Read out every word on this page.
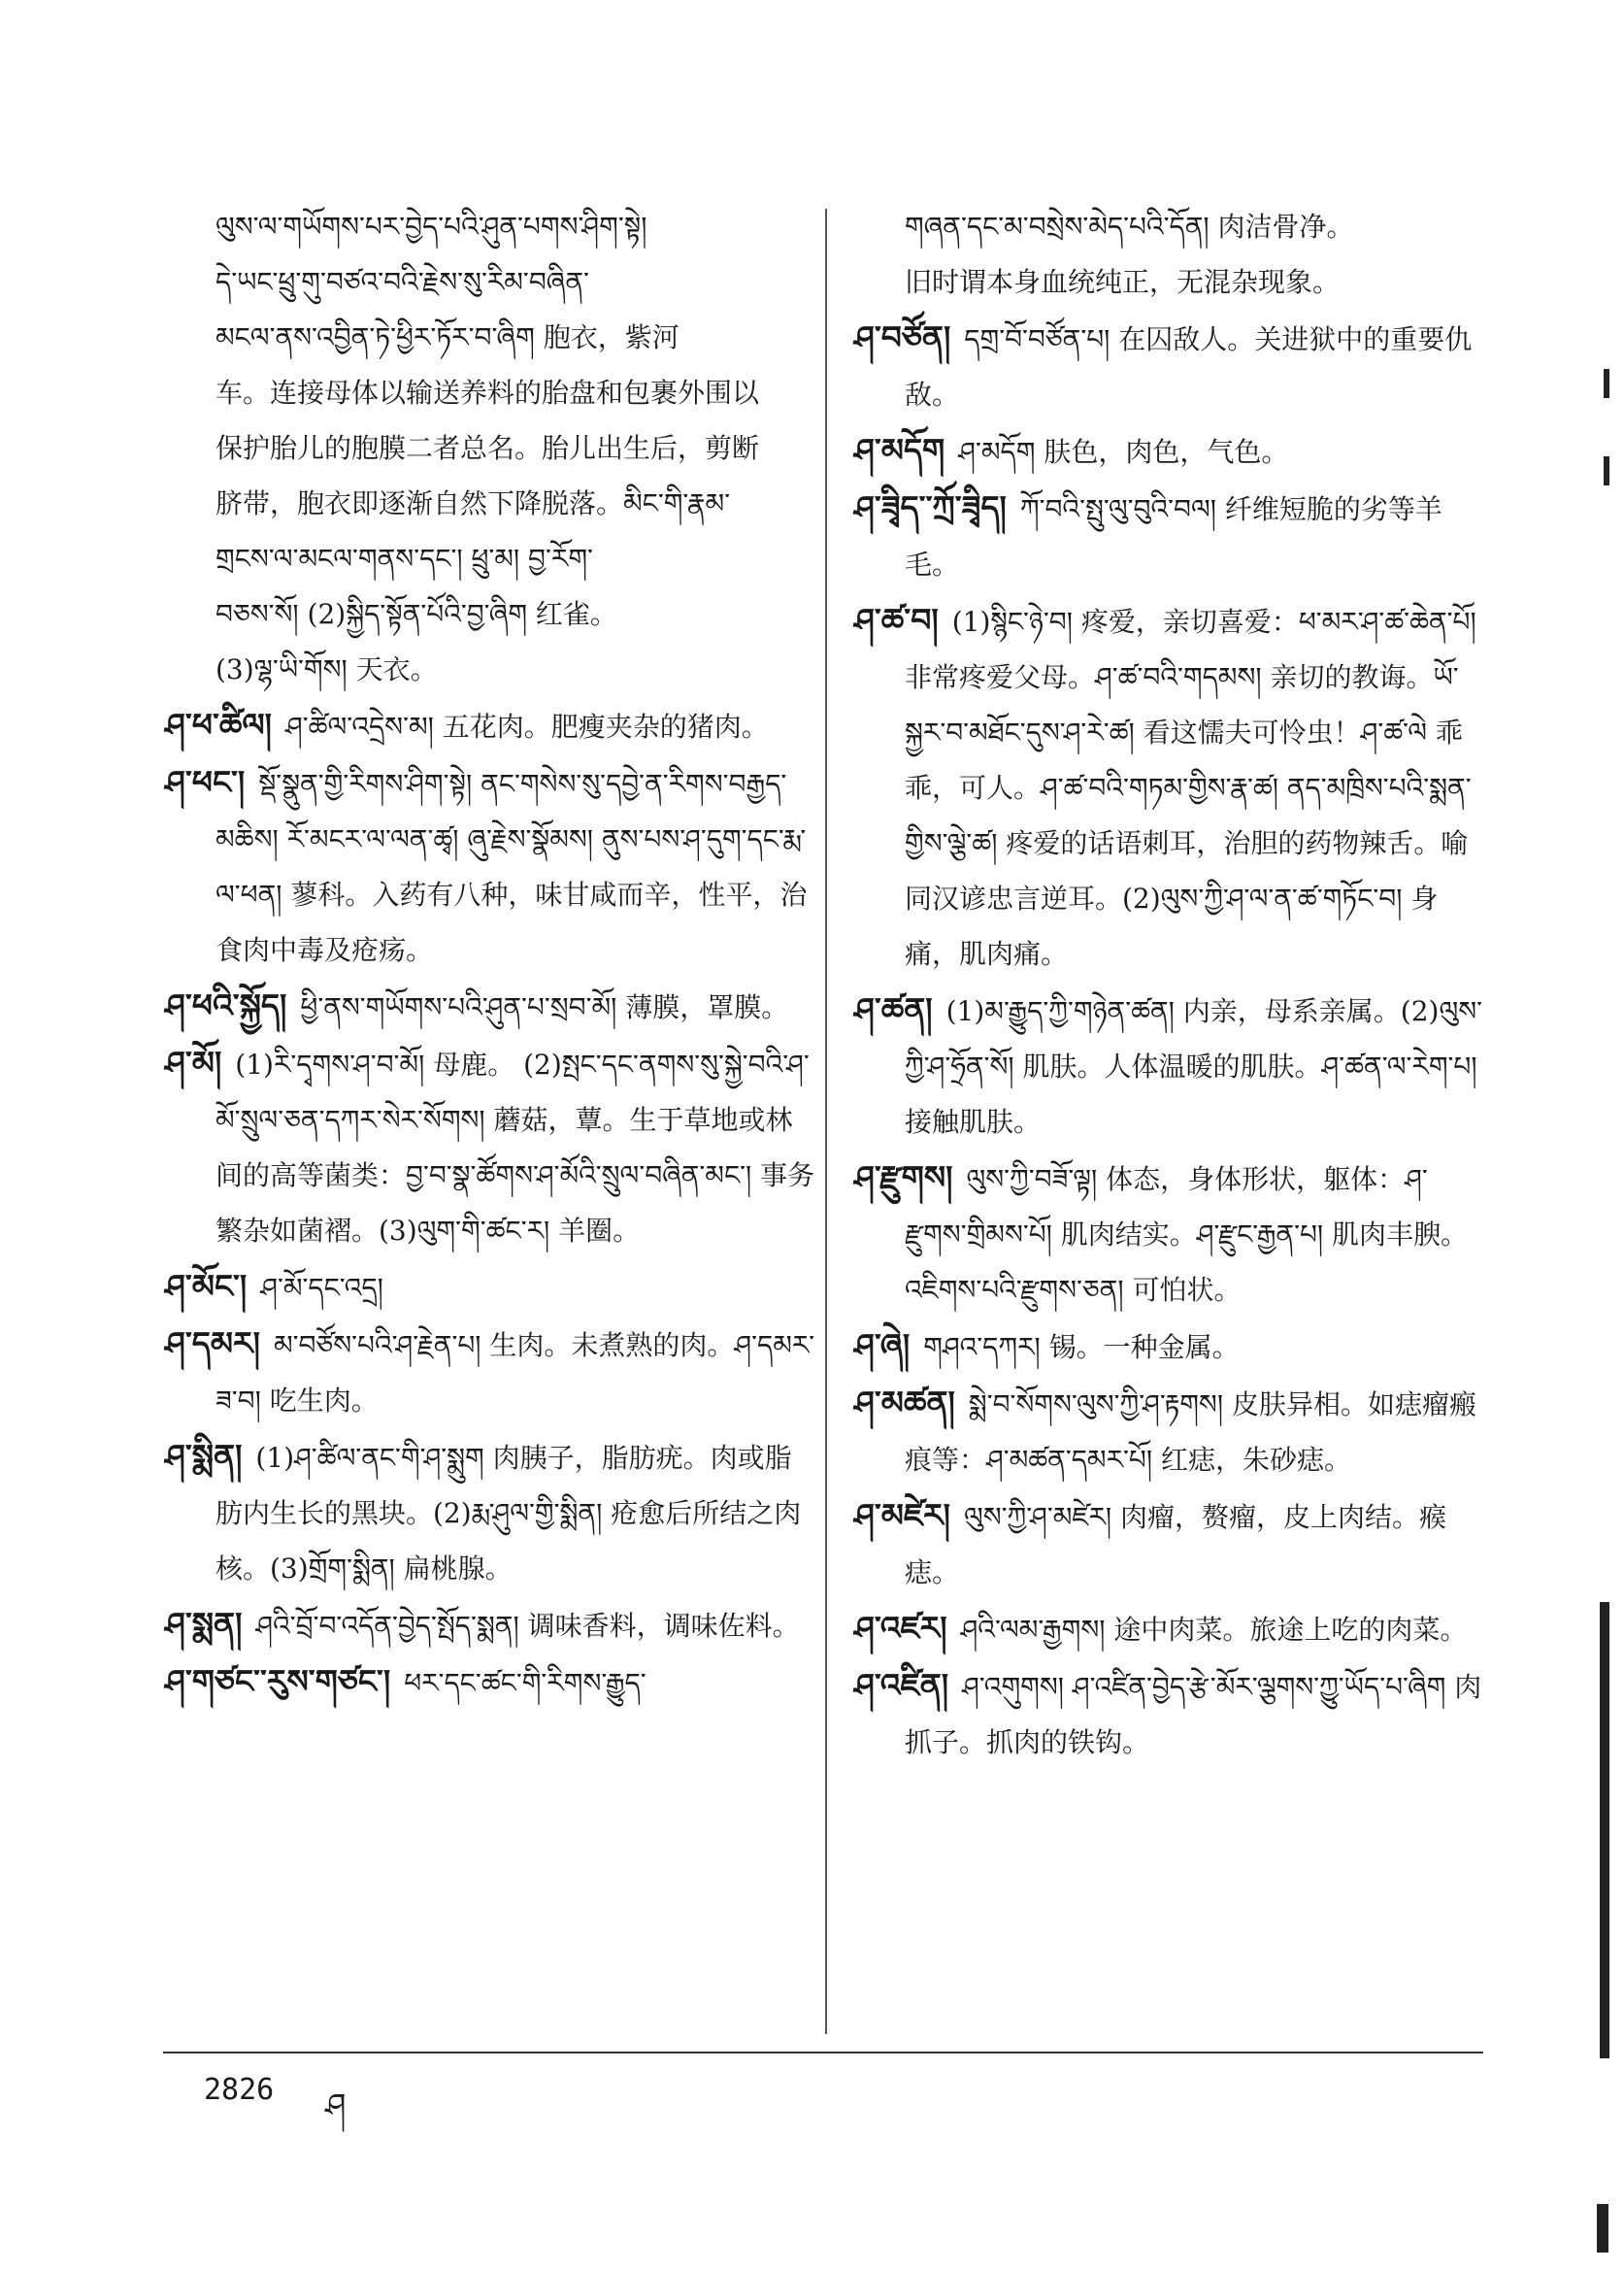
ལུས་ལ་གཡོགས་པར་བྱེད་པའི་ཤུན་པགས་ཤིག་སྟེ།

དེ་ཡང་ཕྲུ་གུ་བཙའ་བའི་རྗེས་སུ་རིམ་བཞིན་

མངལ་ནས་འབྱིན་ཏེ་ཕྱིར་ཏོར་བ་ཞིག 胞衣，紫河

车。连接母体以输送养料的胎盘和包裹外围以

保护胎儿的胞膜二者总名。胎儿出生后，剪断

脐带，胞衣即逐渐自然下降脱落。མིང་གི་རྣམ་

གྲངས་ལ་མངལ་གནས་དང་། ཕྲུ་མ། བྱ་རོག་

བཅས་སོ། (2)སྐྱིད་སྟོན་པོའི་བྱ་ཞིག 红雀。

(3)ལྷ་ཡི་གོས། 天衣。

ཤ་ཕ་ཚིལ། ཤ་ཚིལ་འདྲེས་མ། 五花肉。肥瘦夹杂的猪肉。

ཤ་ཕང་། སྡོ་སྣུན་གྱི་རིགས་ཤིག་སྟེ། ནང་གསེས་སུ་དབྱེ་ན་རིགས་བརྒྱད་མཆིས། རོ་མངར་ལ་ལན་ཚྭ། ཞུ་རྗེས་སྣོམས། ནུས་པས་ཤ་དུག་དང་རྨ་ལ་ཕན། 蓼科。入药有八种，味甘咸而辛，性平，治食肉中毒及疮疡。

ཤ་ཕའི་སྐྱོད། ཕྱི་ནས་གཡོགས་པའི་ཤུན་པ་སྲབ་མོ། 薄膜，罩膜。

ཤ་མོ། (1)རི་དྭགས་ཤ་བ་མོ། 母鹿。 (2)སྤང་དང་ནགས་སུ་སྐྱེ་བའི་ཤ་མོ་སྲུལ་ཅན་དཀར་སེར་སོགས། 蘑菇，蕈。生于草地或林间的高等菌类：བྱ་བ་སྣ་ཚོགས་ཤ་མོའི་སྲུལ་བཞིན་མང་། 事务繁杂如菌褶。(3)ལུག་གི་ཚང་ར། 羊圈。

ཤ་མོང་། ཤ་མོ་དང་འདྲ།

ཤ་དམར། མ་བཙོས་པའི་ཤ་རྗེན་པ། 生肉。未煮熟的肉。ཤ་དམར་ཟ་བ། 吃生肉。

ཤ་སྨིན། (1)ཤ་ཚིལ་ནང་གི་ཤ་སྨུག 肉胰子，脂肪疣。肉或脂肪内生长的黑块。(2)རྨ་ཤུལ་གྱི་སྨིན། 疮愈后所结之肉核。(3)གྲོག་སྨིན། 扁桃腺。

ཤ་སྨན། ཤའི་བྲོ་བ་འདོན་བྱེད་སྤོད་སྨན། 调味香料，调味佐料。

ཤ་གཙང་་རུས་གཙང་། ཕར་དང་ཚང་གི་རིགས་རྒྱུད་

གཞན་དང་མ་བསྲེས་མེད་པའི་དོན། 肉洁骨净。

旧时谓本身血统纯正，无混杂现象。

ཤ་བཙོན། དགྲ་བོ་བཙོན་པ། 在囚敌人。关进狱中的重要仇敌。

ཤ་མདོག ཤ་མདོག 肤色，肉色，气色。

ཤ་ཟྭིད་་ཀྲོ་ཟྭིད། ཀོ་བའི་སྤུ་ལུ་བུའི་བལ། 纤维短脆的劣等羊毛。

ཤ་ཚ་བ། (1)སྙིང་ཉེ་བ། 疼爱，亲切喜爱：ཕ་མར་ཤ་ཚ་ཆེན་པོ། 非常疼爱父母。ཤ་ཚ་བའི་གདམས། 亲切的教诲。ཡོ་སྐྱར་བ་མཐོང་དུས་ཤ་རེ་ཚ། 看这懦夫可怜虫！ཤ་ཚ་ལེ 乖乖，可人。ཤ་ཚ་བའི་གཏམ་གྱིས་རྣ་ཚ། ནད་མཁྲིས་པའི་སྨན་གྱིས་ལྕེ་ཚ། 疼爱的话语刺耳，治胆的药物辣舌。喻同汉谚忠言逆耳。(2)ལུས་ཀྱི་ཤ་ལ་ན་ཚ་གཏོང་བ། 身痛，肌肉痛。

ཤ་ཚན། (1)མ་རྒྱུད་ཀྱི་གཉེན་ཚན། 内亲，母系亲属。(2)ལུས་ཀྱི་ཤ་ཧྲོན་སོ། 肌肤。人体温暖的肌肤。ཤ་ཚན་ལ་རེག་པ། 接触肌肤。

ཤ་རྫུགས། ལུས་ཀྱི་བཟོ་ལྟ། 体态，身体形状，躯体：ཤ་རྫུགས་གྲིམས་པོ། 肌肉结实。ཤ་རྫུང་རྒྱན་པ། 肌肉丰腴。འཇིགས་པའི་རྫུགས་ཅན། 可怕状。

ཤ་ཞེ། གཤའ་དཀར། 锡。一种金属。

ཤ་མཚན། སྨེ་བ་སོགས་ལུས་ཀྱི་ཤ་རྟགས། 皮肤异相。如痣瘤瘢痕等：ཤ་མཚན་དམར་པོ། 红痣，朱砂痣。

ཤ་མཛེར། ལུས་ཀྱི་ཤ་མཛེར། 肉瘤，赘瘤，皮上肉结。瘊痣。

ཤ་འཛར། ཤའི་ལམ་རྒྱགས། 途中肉菜。旅途上吃的肉菜。

ཤ་འཛིན། ཤ་འགུགས། ཤ་འཛིན་བྱེད་རྩེ་མོར་ལྕགས་ཀྱུ་ཡོད་པ་ཞིག 肉抓子。抓肉的铁钩。

2826 ཤ
